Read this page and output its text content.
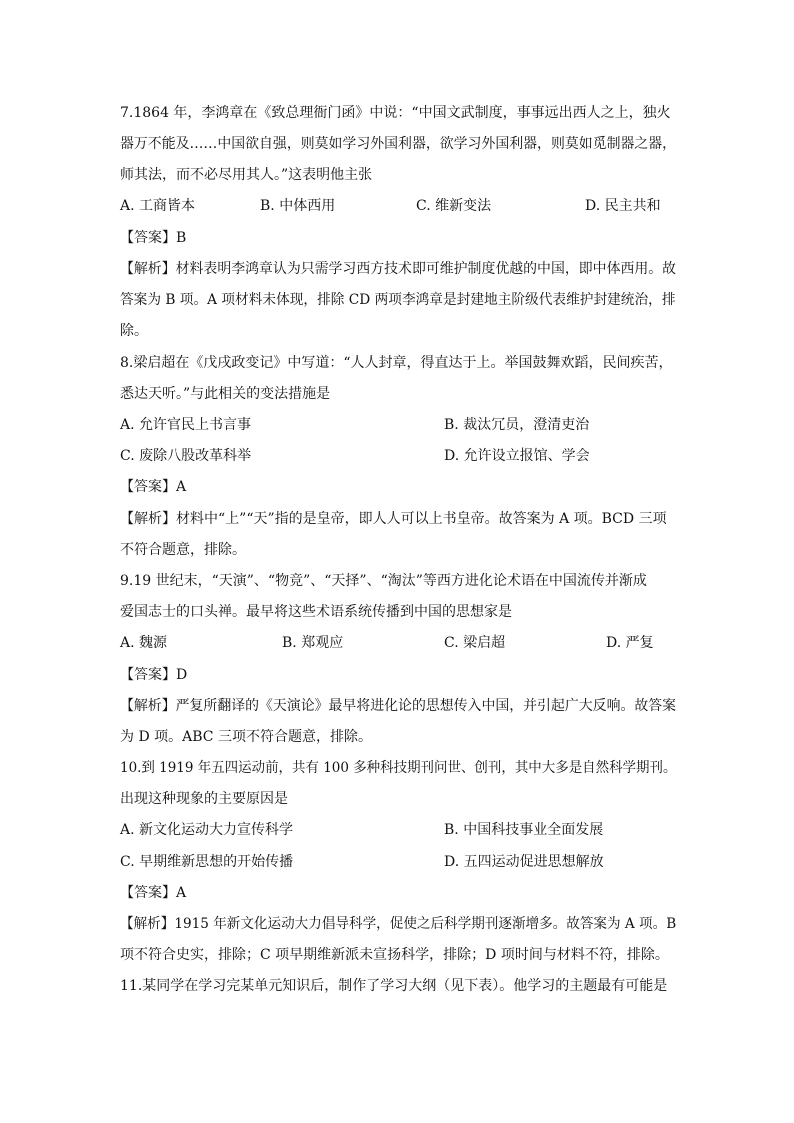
7.1864 年，李鸿章在《致总理衙门函》中说：“中国文武制度，事事远出西人之上，独火
器万不能及……中国欲自强，则莫如学习外国利器，欲学习外国利器，则莫如觅制器之器，
师其法，而不必尽用其人。”这表明他主张
A. 工商皆本	B. 中体西用	C. 维新变法	D. 民主共和
【答案】B
【解析】材料表明李鸿章认为只需学习西方技术即可维护制度优越的中国，即中体西用。故
答案为 B 项。A 项材料未体现，排除 CD 两项李鸿章是封建地主阶级代表维护封建统治，排
除。
8.梁启超在《戊戌政变记》中写道：“人人封章，得直达于上。举国鼓舞欢蹈，民间疾苦，
悉达天听。”与此相关的变法措施是
A. 允许官民上书言事	B. 裁汰冗员，澄清吏治
C. 废除八股改革科举	D. 允许设立报馆、学会
【答案】A
【解析】材料中“上”“天”指的是皇帝，即人人可以上书皇帝。故答案为 A 项。BCD 三项
不符合题意，排除。
9.19 世纪末，“天演”、“物竞”、“天择”、“淘汰”等西方进化论术语在中国流传并渐成
爱国志士的口头禅。最早将这些术语系统传播到中国的思想家是
A. 魏源	B. 郑观应	C. 梁启超	D. 严复
【答案】D
【解析】严复所翻译的《天演论》最早将进化论的思想传入中国，并引起广大反响。故答案
为 D 项。ABC 三项不符合题意，排除。
10.到 1919 年五四运动前，共有 100 多种科技期刊问世、创刊，其中大多是自然科学期刊。
出现这种现象的主要原因是
A. 新文化运动大力宣传科学	B. 中国科技事业全面发展
C. 早期维新思想的开始传播	D. 五四运动促进思想解放
【答案】A
【解析】1915 年新文化运动大力倡导科学，促使之后科学期刊逐渐增多。故答案为 A 项。B
项不符合史实，排除；C 项早期维新派未宣扬科学，排除；D 项时间与材料不符，排除。
11.某同学在学习完某单元知识后，制作了学习大纲（见下表）。他学习的主题最有可能是
